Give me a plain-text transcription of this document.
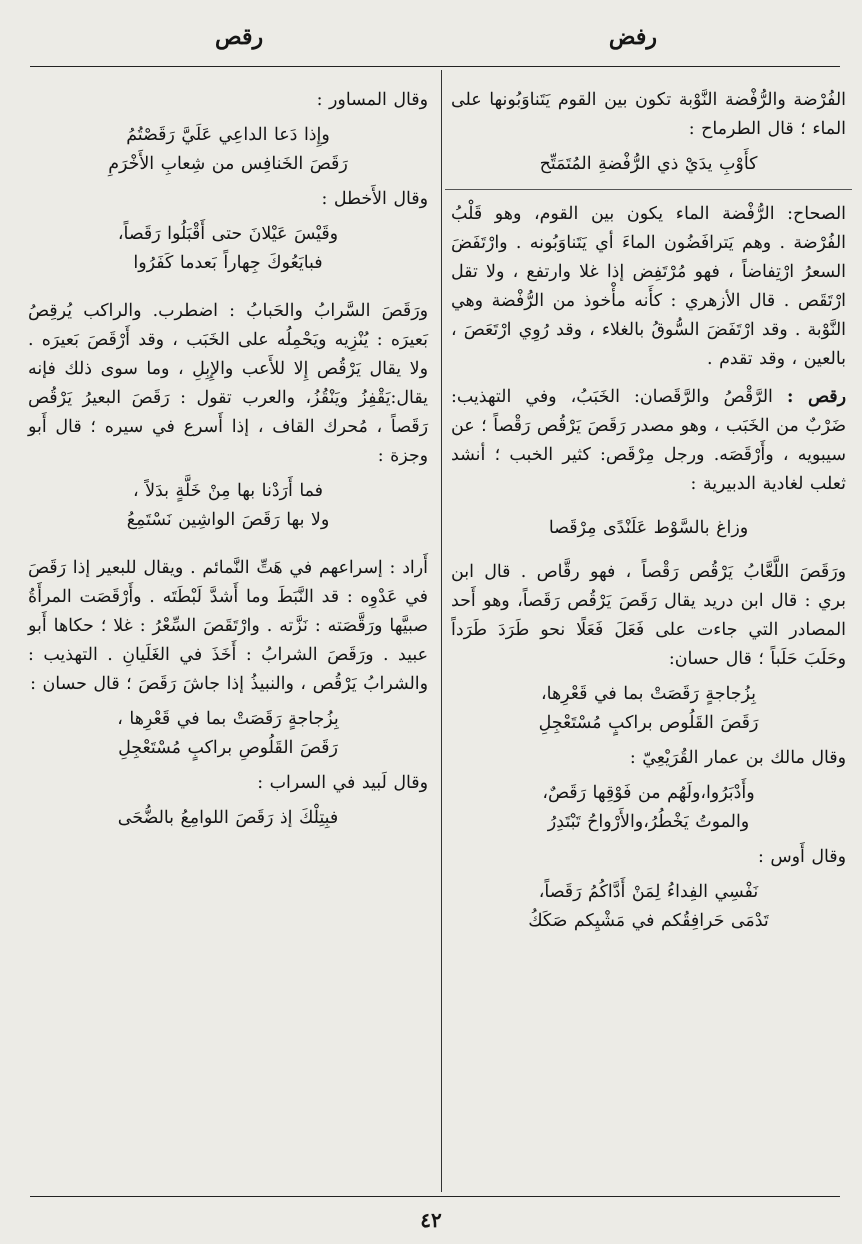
رفض
رقص

الفُرْضة والرُّفْضة النَّوْبة تكون بين القوم يَتَناوَبُونها على الماء ؛ قال الطرماح :

كأَوْبِ يدَيْ ذي الرُّفْضةِ المُتَمَتِّح

الصحاح: الرُّفْضة الماء يكون بين القوم، وهو قَلْبُ الفُرْضة . وهم يَترافَضُون الماءَ أي يَتَناوَبُونه . وارْتَفَضَ السعرُ ارْتِفاضاً ، فهو مُرْتَفِض إذا غلا وارتفع ، ولا تقل ارْتَقَص . قال الأزهري : كأَنه مأْخوذ من الرُّفْضة وهي النَّوْبة . وقد ارْتَفَضَ السُّوقُ بالغلاء ، وقد رُوِي ارْتَعَصَ ، بالعين ، وقد تقدم .

رقص : الرَّقْصُ والرَّقَصان: الخَبَبُ، وفي التهذيب: ضَرْبٌ من الخَبَب ، وهو مصدر رَقَصَ يَرْقُص رَقْصاً ؛ عن سيبويه ، وأَرْقَصَه. ورجل مِرْقَص: كثير الخبب ؛ أنشد ثعلب لغادية الدبيرية :

وزاغ بالسَّوْط عَلَنْدًى مِرْقَصا

ورَقَصَ اللَّعَّابُ يَرْقُص رَقْصاً ، فهو رقَّاص . قال ابن بري : قال ابن دريد يقال رَقَصَ يَرْقُص رَقَصاً، وهو أَحد المصادر التي جاءت على فَعَلَ فَعَلًا نحو طَرَدَ طَرَداً وحَلَبَ حَلَباً ؛ قال حسان:

بِزُجاجةٍ رَقَصَتْ بما في قَعْرِها،
رَقَصَ القَلُوص براكبٍ مُسْتَعْجِلِ

وقال مالك بن عمار القُرَيْعِيّ :

وأَدْبَرُوا،ولَهُم من فَوْقِها رَقَصٌ،
والموتُ يَخْطُرُ،والأَرْواحُ تَبْتَدِرُ

وقال أَوس :

نَفْسِي الفِداءُ لِمَنْ أَدَّاكُمُ رَقَصاً،
تَدْمَى حَرافِقُكم في مَشْيِكم صَكَكُ

وقال المساور :

وإِذا دَعا الداعِي عَلَيَّ رَقَصْتُمُ
رَقَصَ الخَنافِس من شِعابِ الأَخْرَمِ

وقال الأَخطل :

وقَيْسَ عَيْلانَ حتى أَقْبَلُوا رَقَصاً،
فبايَعُوكَ جِهاراً بَعدما كَفَرُوا

ورَقَصَ السَّرابُ والحَبابُ : اضطرب. والراكب يُرقِصُ بَعيرَه : يُنْزِيه ويَحْمِلُه على الخَبَب ، وقد أَرْقَصَ بَعيرَه . ولا يقال يَرْقُص إِلا للأَعب والإِبِلِ ، وما سوى ذلك فإنه يقال:يَقْفِزُ ويَنْقُزُ، والعرب تقول : رَقَصَ البعيرُ يَرْقُص رَقَصاً ، مُحرك القاف ، إذا أَسرع في سيره ؛ قال أَبو وجزة :

فما أَرَدْنا بها مِنْ خَلَّةٍ بدَلاً ،
ولا بها رَقَصَ الواشِين نَسْتَمِعُ

أَراد : إسراعهم في هَتِّ النَّمائم . ويقال للبعير إذا رَقَصَ في عَدْوِه : قد النَّبَطَ وما أَشدَّ لَبْطَتَه . وأَرْقَصَت المرأَةُ صبيَّها ورَقَّصَته : نَزَّته . وارْتَقَصَ السِّعْرُ : غلا ؛ حكاها أَبو عبيد . ورَقَصَ الشرابُ : أَخَذَ في الغَلَيانِ . التهذيب : والشرابُ يَرْقُص ، والنبيذُ إذا جاشَ رَقَصَ ؛ قال حسان :

بِزُجاجةٍ رَقَصَتْ بما في قَعْرِها ،
رَقَصَ القَلُوصِ براكبٍ مُسْتَعْجِلِ

وقال لَبيد في السراب :

فبِتِلْكَ إذ رَقَصَ اللوامِعُ بالضُّحَى
٤٢
